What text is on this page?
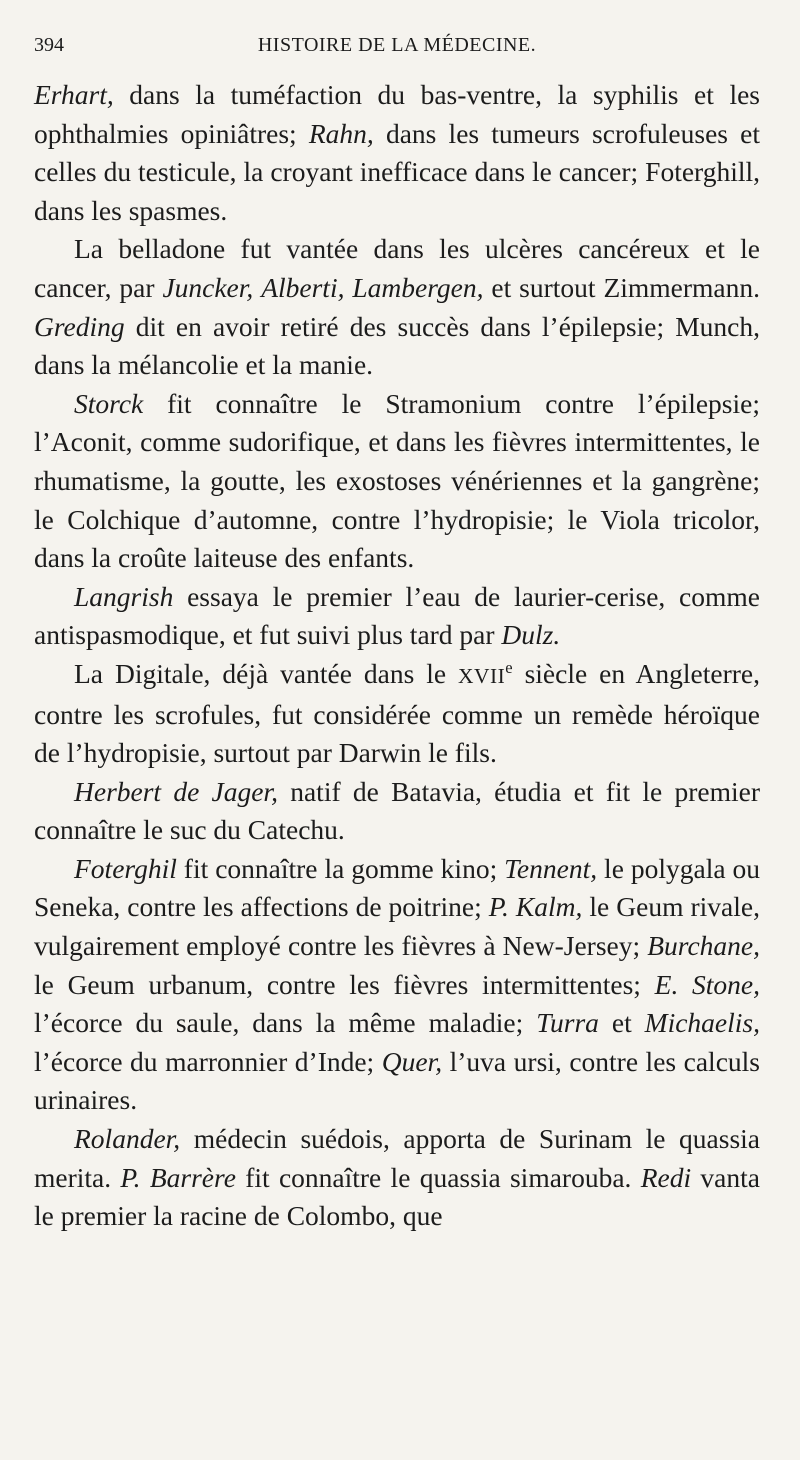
394	HISTOIRE DE LA MÉDECINE.

Erhart, dans la tuméfaction du bas-ventre, la syphilis et les ophthalmies opiniâtres; Rahn, dans les tumeurs scrofuleuses et celles du testicule, la croyant inefficace dans le cancer; Foterghill, dans les spasmes.

La belladone fut vantée dans les ulcères cancéreux et le cancer, par Juncker, Alberti, Lambergen, et surtout Zimmermann. Greding dit en avoir retiré des succès dans l’épilepsie; Munch, dans la mélancolie et la manie.

Storck fit connaître le Stramonium contre l’épilepsie; l’Aconit, comme sudorifique, et dans les fièvres intermittentes, le rhumatisme, la goutte, les exostoses vénériennes et la gangrène; le Colchique d’automne, contre l’hydropisie; le Viola tricolor, dans la croûte laiteuse des enfants.

Langrish essaya le premier l’eau de laurier-cerise, comme antispasmodique, et fut suivi plus tard par Dulz.

La Digitale, déjà vantée dans le XVIIe siècle en Angleterre, contre les scrofules, fut considérée comme un remède héroïque de l’hydropisie, surtout par Darwin le fils.

Herbert de Jager, natif de Batavia, étudia et fit le premier connaître le suc du Catechu.

Foterghil fit connaître la gomme kino; Tennent, le polygala ou Seneka, contre les affections de poitrine; P. Kalm, le Geum rivale, vulgairement employé contre les fièvres à New-Jersey; Burchane, le Geum urbanum, contre les fièvres intermittentes; E. Stone, l’écorce du saule, dans la même maladie; Turra et Michaelis, l’écorce du marronnier d’Inde; Quer, l’uva ursi, contre les calculs urinaires.

Rolander, médecin suédois, apporta de Surinam le quassia merita. P. Barrère fit connaître le quassia simarouba. Redi vanta le premier la racine de Colombo, que
